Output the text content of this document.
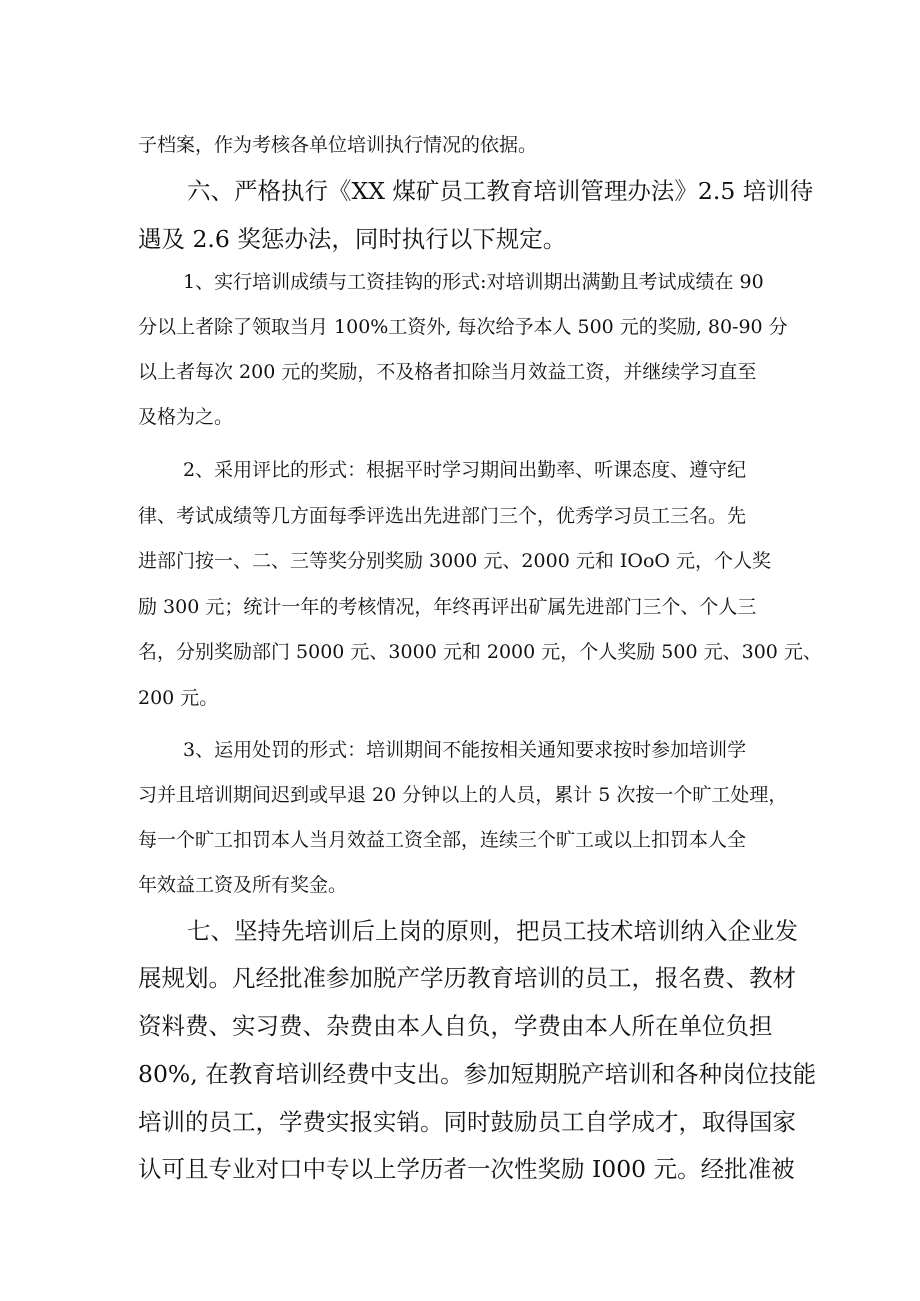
子档案，作为考核各单位培训执行情况的依据。
六、严格执行《XX 煤矿员工教育培训管理办法》2.5 培训待
遇及 2.6 奖惩办法，同时执行以下规定。
1、实行培训成绩与工资挂钩的形式:对培训期出满勤且考试成绩在 90
分以上者除了领取当月 100%工资外, 每次给予本人 500 元的奖励, 80-90 分
以上者每次 200 元的奖励，不及格者扣除当月效益工资，并继续学习直至
及格为之。
2、采用评比的形式：根据平时学习期间出勤率、听课态度、遵守纪
律、考试成绩等几方面每季评选出先进部门三个，优秀学习员工三名。先
进部门按一、二、三等奖分别奖励 3000 元、2000 元和 IOoO 元，个人奖
励 300 元；统计一年的考核情况，年终再评出矿属先进部门三个、个人三
名，分别奖励部门 5000 元、3000 元和 2000 元，个人奖励 500 元、300 元、
200 元。
3、运用处罚的形式：培训期间不能按相关通知要求按时参加培训学
习并且培训期间迟到或早退 20 分钟以上的人员，累计 5 次按一个旷工处理，
每一个旷工扣罚本人当月效益工资全部，连续三个旷工或以上扣罚本人全
年效益工资及所有奖金。
七、坚持先培训后上岗的原则，把员工技术培训纳入企业发
展规划。凡经批准参加脱产学历教育培训的员工，报名费、教材
资料费、实习费、杂费由本人自负，学费由本人所在单位负担
80%, 在教育培训经费中支出。参加短期脱产培训和各种岗位技能
培训的员工，学费实报实销。同时鼓励员工自学成才，取得国家
认可且专业对口中专以上学历者一次性奖励 I000 元。经批准被
